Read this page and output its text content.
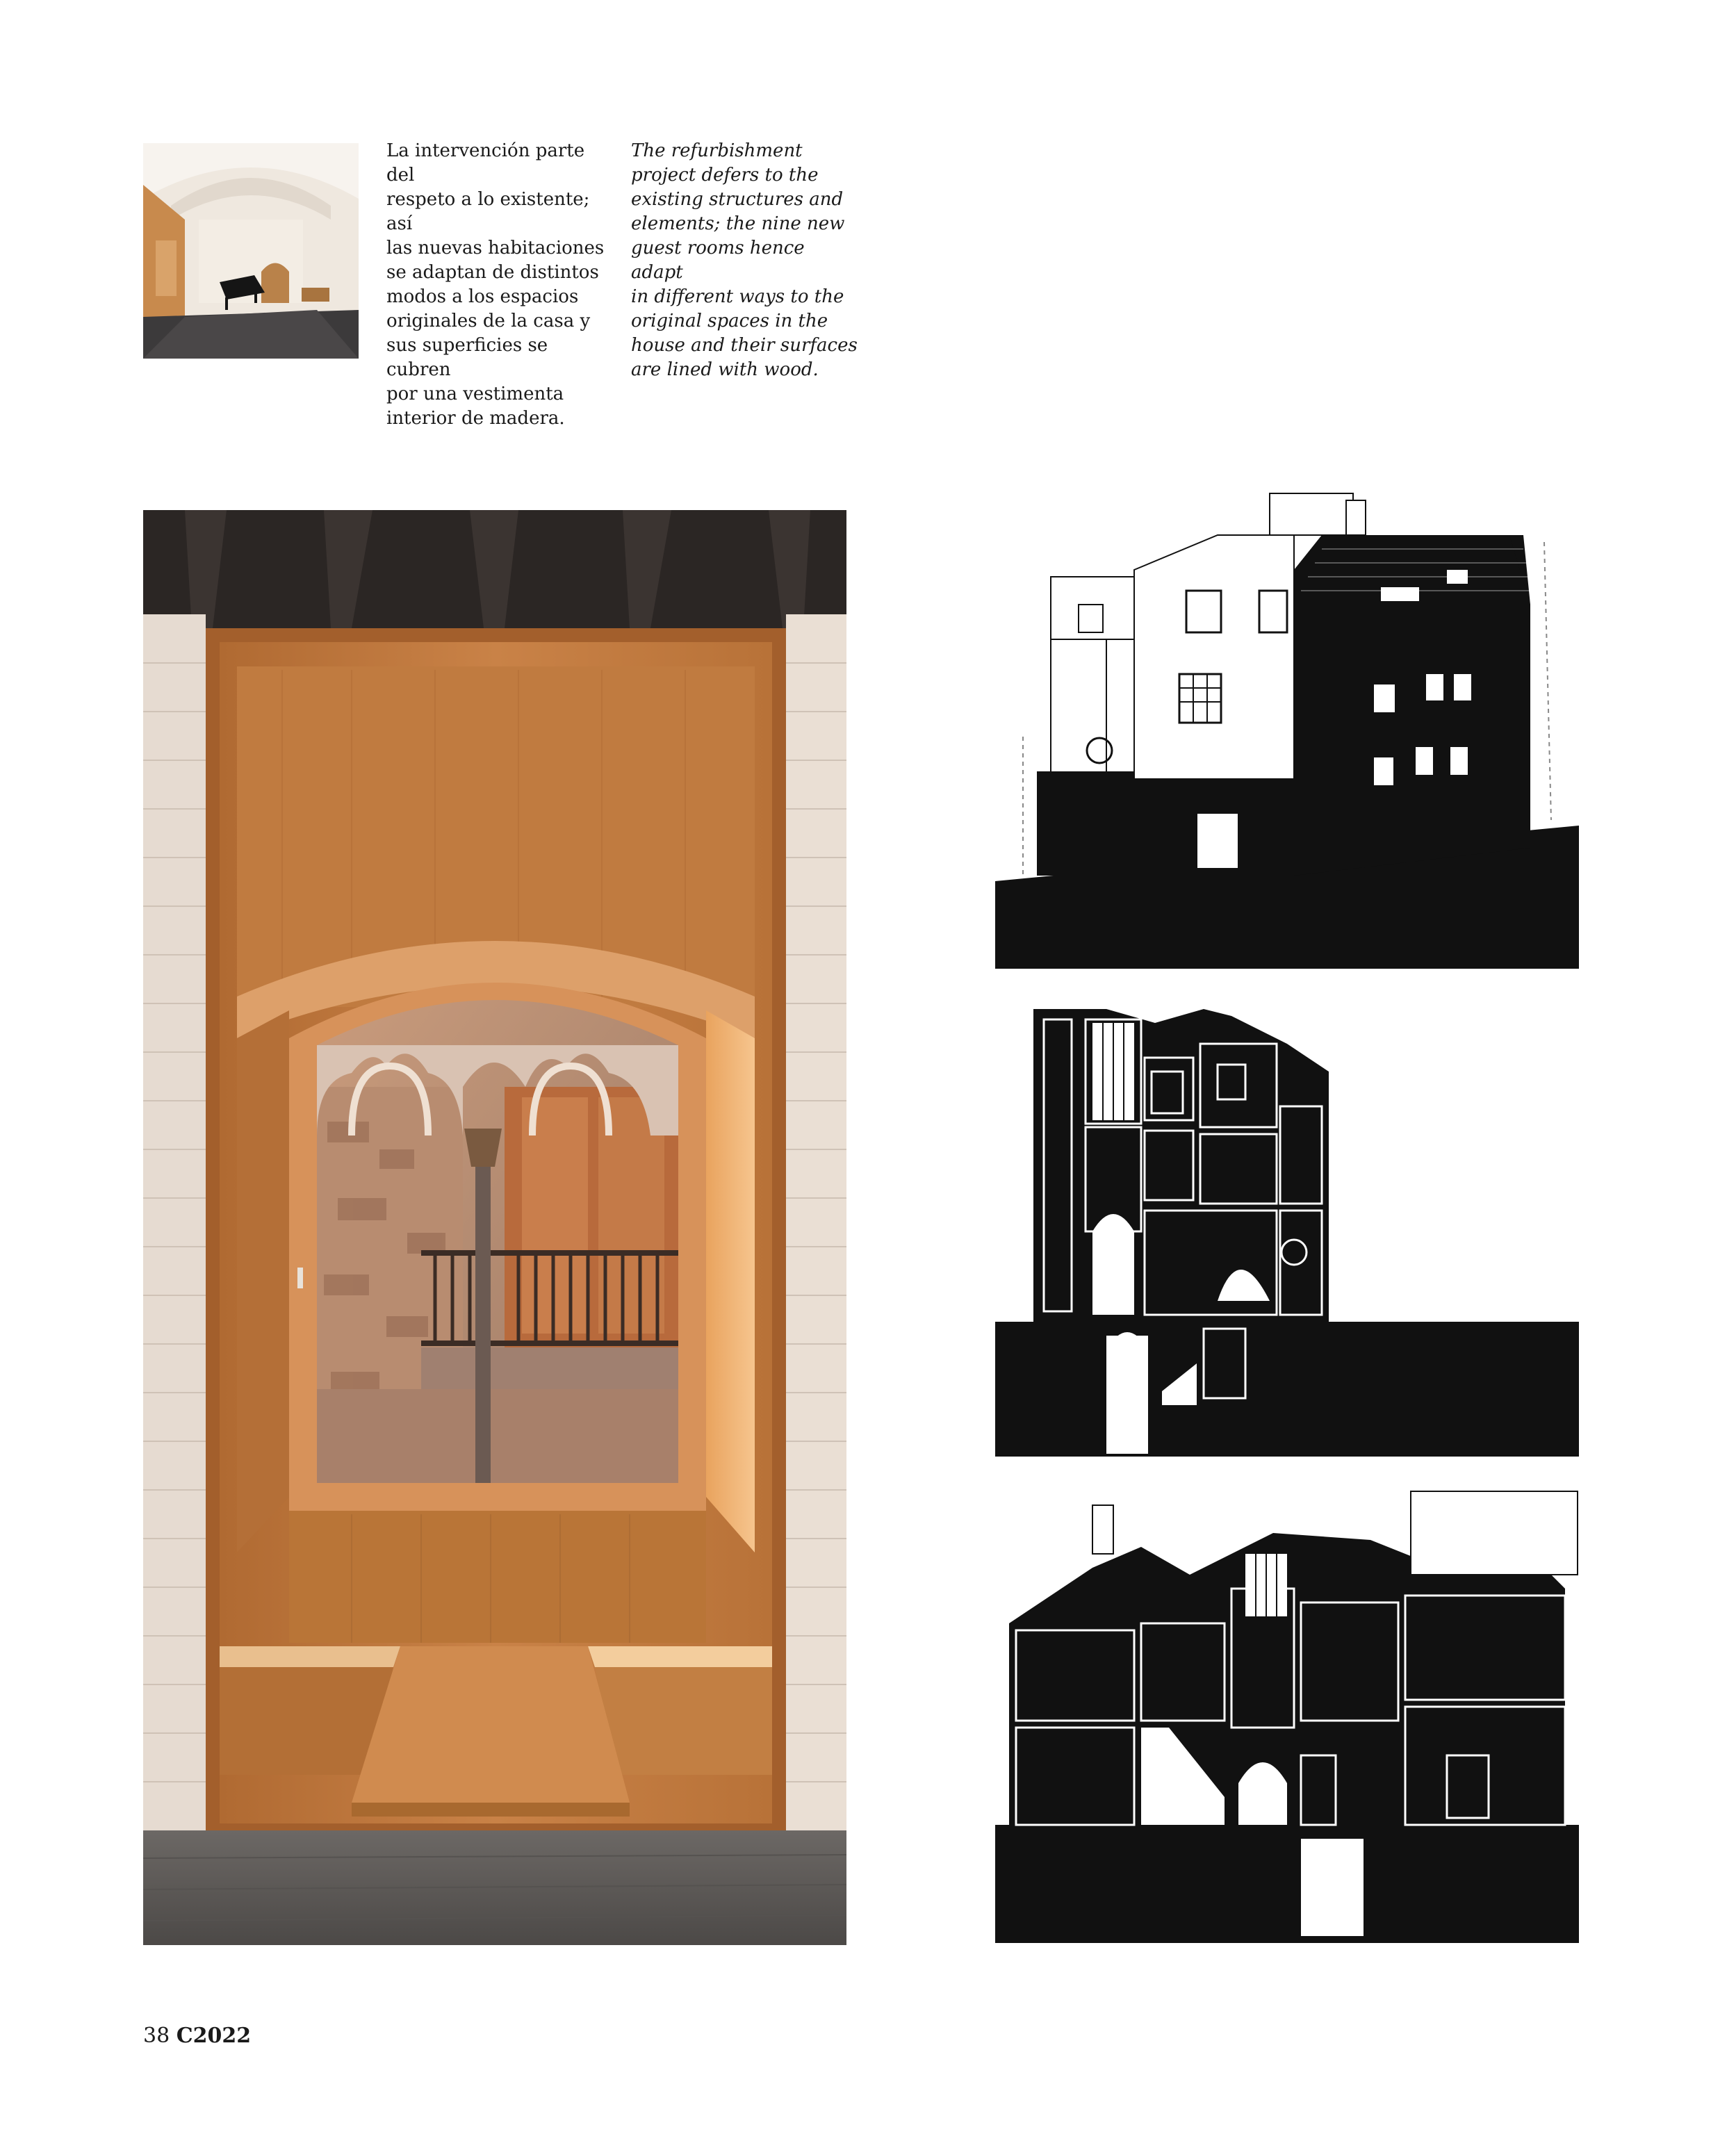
La intervención parte del
respeto a lo existente; así
las nuevas habitaciones
se adaptan de distintos
modos a los espacios
originales de la casa y
sus superficies se cubren
por una vestimenta
interior de madera.
The refurbishment
project defers to the
existing structures and
elements; the nine new
guest rooms hence adapt
in different ways to the
original spaces in the
house and their surfaces
are lined with wood.
38 C2022
